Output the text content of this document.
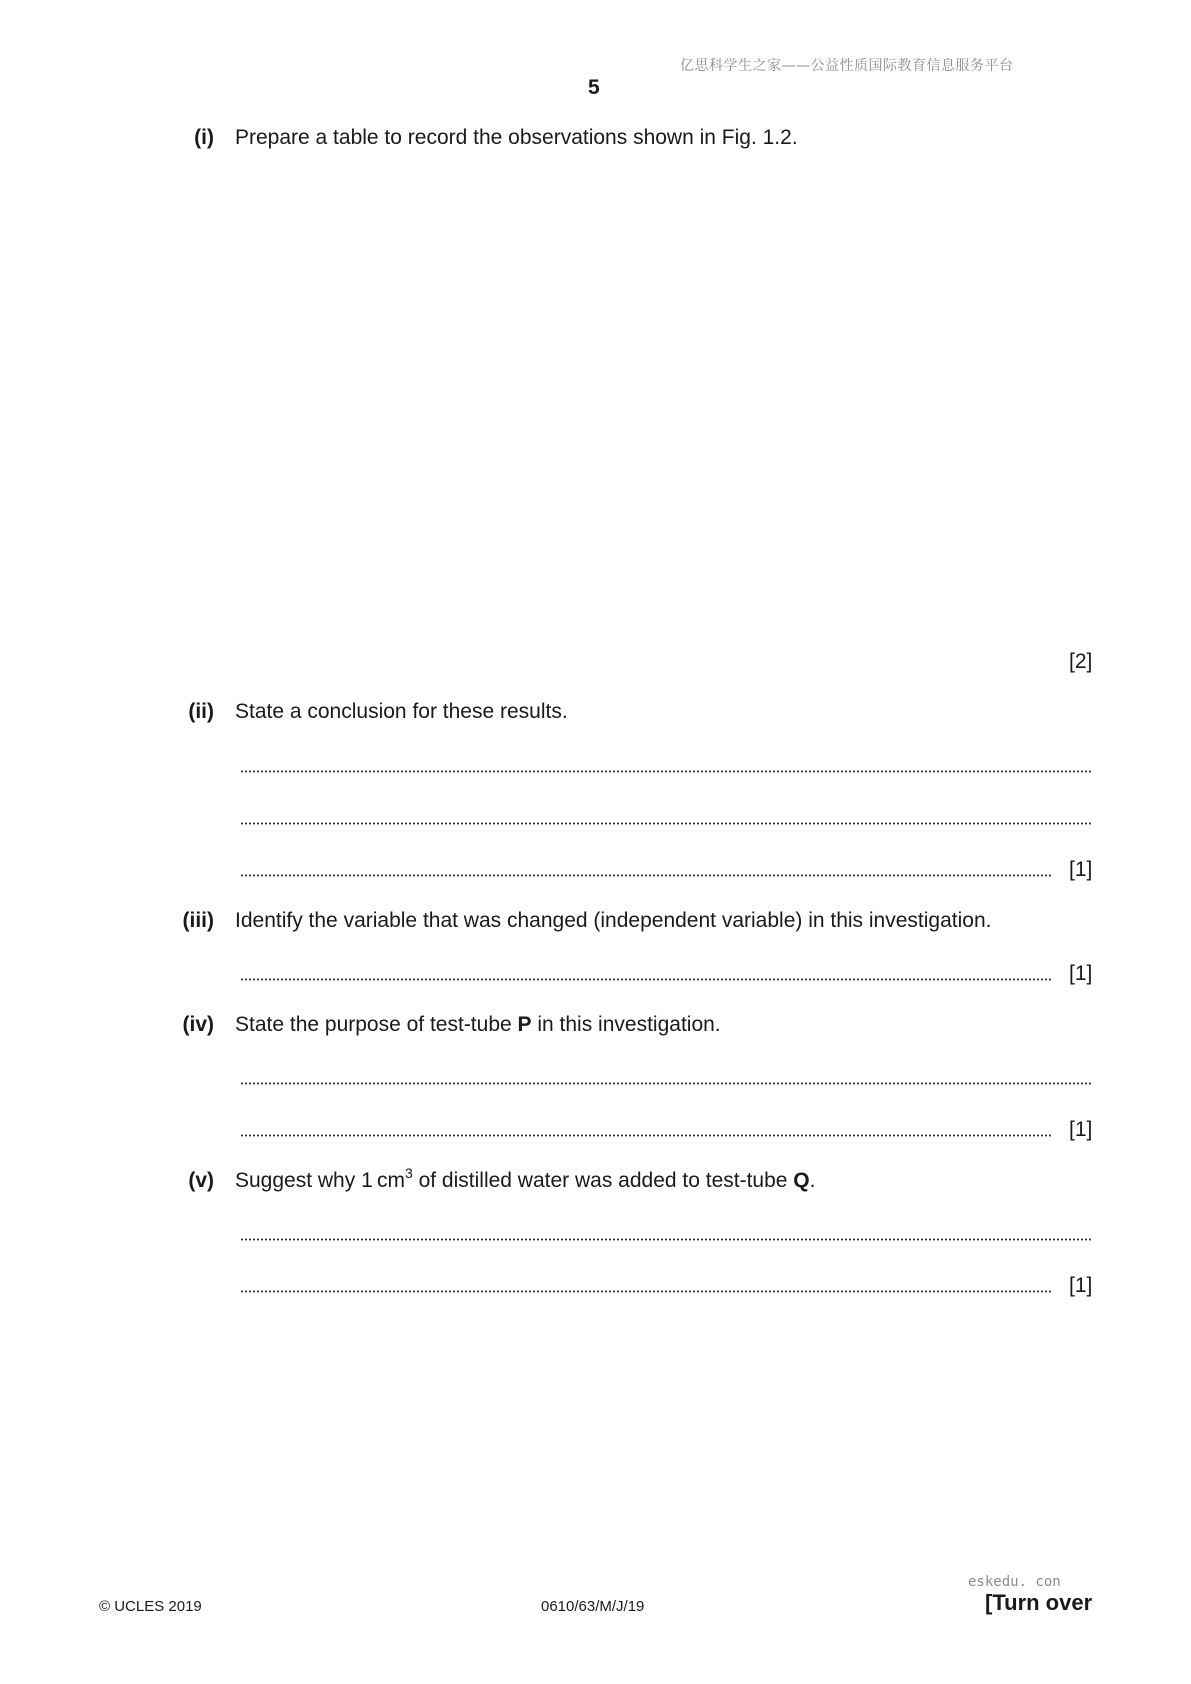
亿思科学生之家——公益性质国际教育信息服务平台
5
(i) Prepare a table to record the observations shown in Fig. 1.2.
[2]
(ii) State a conclusion for these results.
[1]
(iii) Identify the variable that was changed (independent variable) in this investigation.
[1]
(iv) State the purpose of test-tube P in this investigation.
[1]
(v) Suggest why 1 $cm^3$ of distilled water was added to test-tube Q.
[1]
© UCLES 2019	0610/63/M/J/19
eskedu. con
[Turn over
